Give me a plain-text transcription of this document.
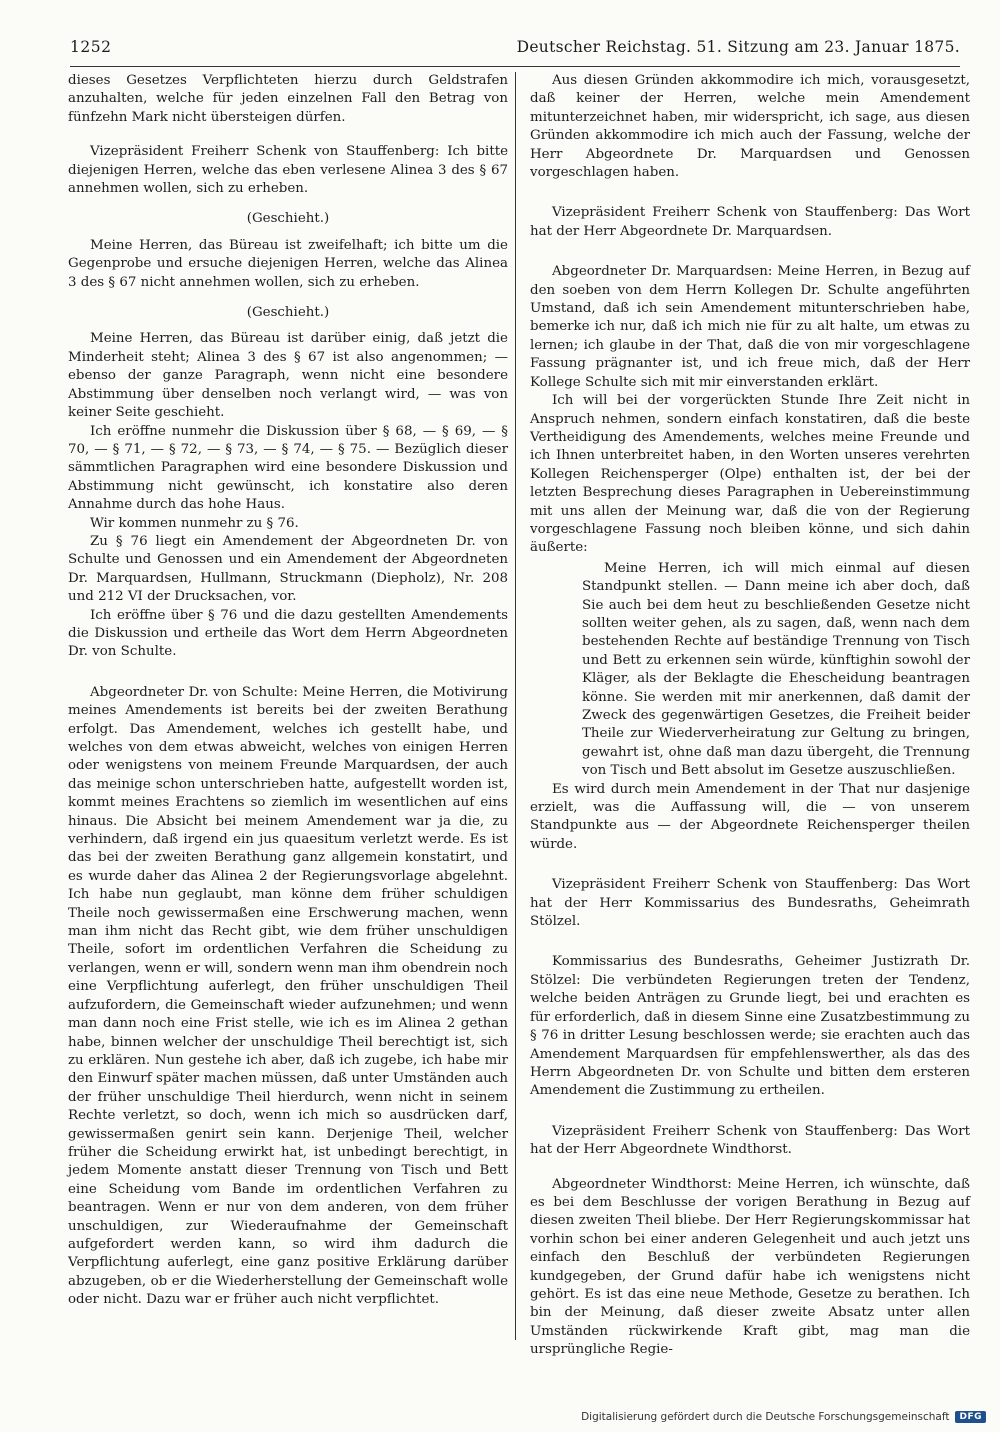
1252	Deutscher Reichstag. 51. Sitzung am 23. Januar 1875.

dieses Gesetzes Verpflichteten hierzu durch Geldstrafen anzuhalten, welche für jeden einzelnen Fall den Betrag von fünfzehn Mark nicht übersteigen dürfen.

Vizepräsident Freiherr Schenk von Stauffenberg: Ich bitte diejenigen Herren, welche das eben verlesene Alinea 3 des § 67 annehmen wollen, sich zu erheben.

(Geschieht.)

Meine Herren, das Büreau ist zweifelhaft; ich bitte um die Gegenprobe und ersuche diejenigen Herren, welche das Alinea 3 des § 67 nicht annehmen wollen, sich zu erheben.

(Geschieht.)

Meine Herren, das Büreau ist darüber einig, daß jetzt die Minderheit steht; Alinea 3 des § 67 ist also angenommen; — ebenso der ganze Paragraph, wenn nicht eine besondere Abstimmung über denselben noch verlangt wird, — was von keiner Seite geschieht.

Ich eröffne nunmehr die Diskussion über § 68, — § 69, — § 70, — § 71, — § 72, — § 73, — § 74, — § 75. — Bezüglich dieser sämmtlichen Paragraphen wird eine besondere Diskussion und Abstimmung nicht gewünscht, ich konstatire also deren Annahme durch das hohe Haus.

Wir kommen nunmehr zu § 76.

Zu § 76 liegt ein Amendement der Abgeordneten Dr. von Schulte und Genossen und ein Amendement der Abgeordneten Dr. Marquardsen, Hullmann, Struckmann (Diepholz), Nr. 208 und 212 VI der Drucksachen, vor.

Ich eröffne über § 76 und die dazu gestellten Amendements die Diskussion und ertheile das Wort dem Herrn Abgeordneten Dr. von Schulte.

Abgeordneter Dr. von Schulte: Meine Herren, die Motivirung meines Amendements ist bereits bei der zweiten Berathung erfolgt. Das Amendement, welches ich gestellt habe, und welches von dem etwas abweicht, welches von einigen Herren oder wenigstens von meinem Freunde Marquardsen, der auch das meinige schon unterschrieben hatte, aufgestellt worden ist, kommt meines Erachtens so ziemlich im wesentlichen auf eins hinaus. Die Absicht bei meinem Amendement war ja die, zu verhindern, daß irgend ein jus quaesitum verletzt werde. Es ist das bei der zweiten Berathung ganz allgemein konstatirt, und es wurde daher das Alinea 2 der Regierungsvorlage abgelehnt. Ich habe nun geglaubt, man könne dem früher schuldigen Theile noch gewissermaßen eine Erschwerung machen, wenn man ihm nicht das Recht gibt, wie dem früher unschuldigen Theile, sofort im ordentlichen Verfahren die Scheidung zu verlangen, wenn er will, sondern wenn man ihm obendrein noch eine Verpflichtung auferlegt, den früher unschuldigen Theil aufzufordern, die Gemeinschaft wieder aufzunehmen; und wenn man dann noch eine Frist stelle, wie ich es im Alinea 2 gethan habe, binnen welcher der unschuldige Theil berechtigt ist, sich zu erklären. Nun gestehe ich aber, daß ich zugebe, ich habe mir den Einwurf später machen müssen, daß unter Umständen auch der früher unschuldige Theil hierdurch, wenn nicht in seinem Rechte verletzt, so doch, wenn ich mich so ausdrücken darf, gewissermaßen genirt sein kann. Derjenige Theil, welcher früher die Scheidung erwirkt hat, ist unbedingt berechtigt, in jedem Momente anstatt dieser Trennung von Tisch und Bett eine Scheidung vom Bande im ordentlichen Verfahren zu beantragen. Wenn er nur von dem anderen, von dem früher unschuldigen, zur Wiederaufnahme der Gemeinschaft aufgefordert werden kann, so wird ihm dadurch die Verpflichtung auferlegt, eine ganz positive Erklärung darüber abzugeben, ob er die Wiederherstellung der Gemeinschaft wolle oder nicht. Dazu war er früher auch nicht verpflichtet.

Aus diesen Gründen akkommodire ich mich, vorausgesetzt, daß keiner der Herren, welche mein Amendement mitunterzeichnet haben, mir widerspricht, ich sage, aus diesen Gründen akkommodire ich mich auch der Fassung, welche der Herr Abgeordnete Dr. Marquardsen und Genossen vorgeschlagen haben.

Vizepräsident Freiherr Schenk von Stauffenberg: Das Wort hat der Herr Abgeordnete Dr. Marquardsen.

Abgeordneter Dr. Marquardsen: Meine Herren, in Bezug auf den soeben von dem Herrn Kollegen Dr. Schulte angeführten Umstand, daß ich sein Amendement mitunterschrieben habe, bemerke ich nur, daß ich mich nie für zu alt halte, um etwas zu lernen; ich glaube in der That, daß die von mir vorgeschlagene Fassung prägnanter ist, und ich freue mich, daß der Herr Kollege Schulte sich mit mir einverstanden erklärt.

Ich will bei der vorgerückten Stunde Ihre Zeit nicht in Anspruch nehmen, sondern einfach konstatiren, daß die beste Vertheidigung des Amendements, welches meine Freunde und ich Ihnen unterbreitet haben, in den Worten unseres verehrten Kollegen Reichensperger (Olpe) enthalten ist, der bei der letzten Besprechung dieses Paragraphen in Uebereinstimmung mit uns allen der Meinung war, daß die von der Regierung vorgeschlagene Fassung noch bleiben könne, und sich dahin äußerte:

Meine Herren, ich will mich einmal auf diesen Standpunkt stellen. — Dann meine ich aber doch, daß Sie auch bei dem heut zu beschließenden Gesetze nicht sollten weiter gehen, als zu sagen, daß, wenn nach dem bestehenden Rechte auf beständige Trennung von Tisch und Bett zu erkennen sein würde, künftighin sowohl der Kläger, als der Beklagte die Ehescheidung beantragen könne. Sie werden mit mir anerkennen, daß damit der Zweck des gegenwärtigen Gesetzes, die Freiheit beider Theile zur Wiederverheiratung zur Geltung zu bringen, gewahrt ist, ohne daß man dazu übergeht, die Trennung von Tisch und Bett absolut im Gesetze auszuschließen.

Es wird durch mein Amendement in der That nur dasjenige erzielt, was die Auffassung will, die — von unserem Standpunkte aus — der Abgeordnete Reichensperger theilen würde.

Vizepräsident Freiherr Schenk von Stauffenberg: Das Wort hat der Herr Kommissarius des Bundesraths, Geheimrath Stölzel.

Kommissarius des Bundesraths, Geheimer Justizrath Dr. Stölzel: Die verbündeten Regierungen treten der Tendenz, welche beiden Anträgen zu Grunde liegt, bei und erachten es für erforderlich, daß in diesem Sinne eine Zusatzbestimmung zu § 76 in dritter Lesung beschlossen werde; sie erachten auch das Amendement Marquardsen für empfehlenswerther, als das des Herrn Abgeordneten Dr. von Schulte und bitten dem ersteren Amendement die Zustimmung zu ertheilen.

Vizepräsident Freiherr Schenk von Stauffenberg: Das Wort hat der Herr Abgeordnete Windthorst.

Abgeordneter Windthorst: Meine Herren, ich wünschte, daß es bei dem Beschlusse der vorigen Berathung in Bezug auf diesen zweiten Theil bliebe. Der Herr Regierungskommissar hat vorhin schon bei einer anderen Gelegenheit und auch jetzt uns einfach den Beschluß der verbündeten Regierungen kundgegeben, der Grund dafür habe ich wenigstens nicht gehört. Es ist das eine neue Methode, Gesetze zu berathen. Ich bin der Meinung, daß dieser zweite Absatz unter allen Umständen rückwirkende Kraft gibt, mag man die ursprüngliche Regie-

Digitalisierung gefördert durch die Deutsche Forschungsgemeinschaft	DFG
